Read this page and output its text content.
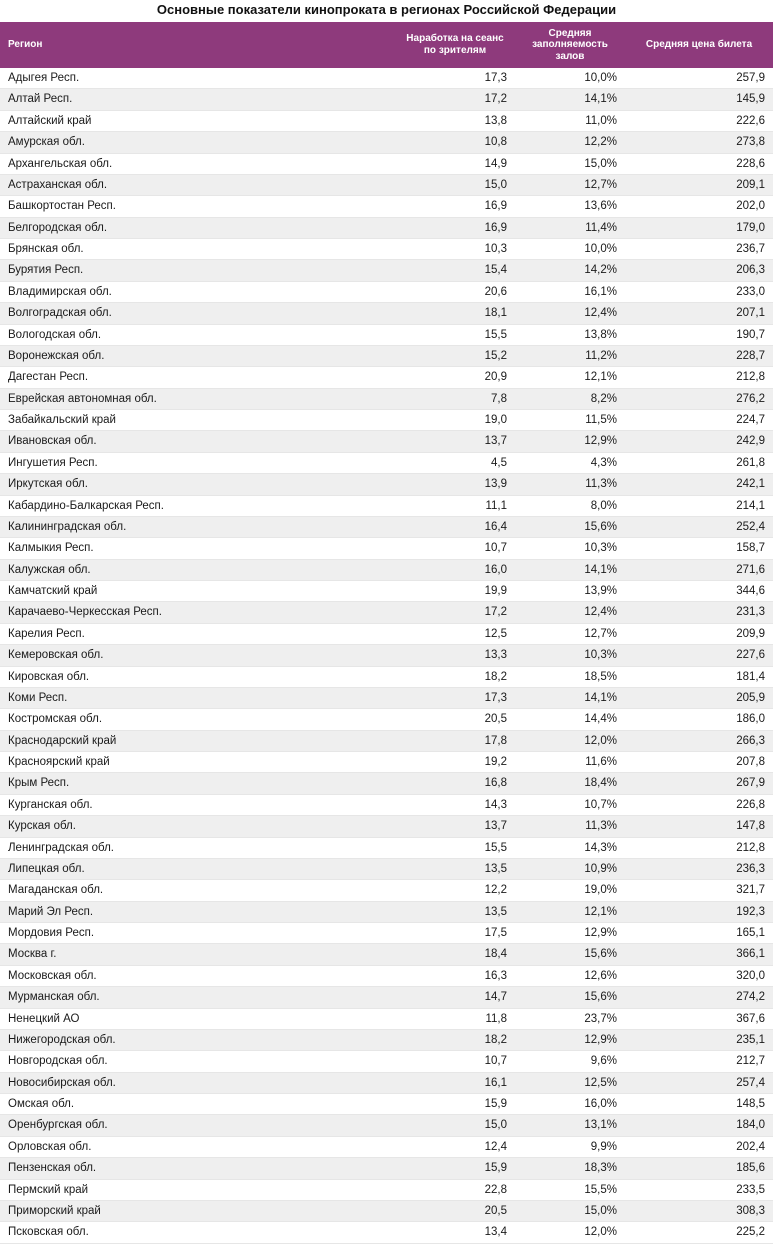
Основные показатели кинопроката в регионах Российской Федерации
Регион	Наработка на сеанс по зрителям	Средняя заполняемость залов	Средняя цена билета
Адыгея Респ.	17,3	10,0%	257,9
Алтай Респ.	17,2	14,1%	145,9
Алтайский край	13,8	11,0%	222,6
Амурская обл.	10,8	12,2%	273,8
Архангельская обл.	14,9	15,0%	228,6
Астраханская обл.	15,0	12,7%	209,1
Башкортостан Респ.	16,9	13,6%	202,0
Белгородская обл.	16,9	11,4%	179,0
Брянская обл.	10,3	10,0%	236,7
Бурятия Респ.	15,4	14,2%	206,3
Владимирская обл.	20,6	16,1%	233,0
Волгоградская обл.	18,1	12,4%	207,1
Вологодская обл.	15,5	13,8%	190,7
Воронежская обл.	15,2	11,2%	228,7
Дагестан Респ.	20,9	12,1%	212,8
Еврейская автономная обл.	7,8	8,2%	276,2
Забайкальский край	19,0	11,5%	224,7
Ивановская обл.	13,7	12,9%	242,9
Ингушетия Респ.	4,5	4,3%	261,8
Иркутская обл.	13,9	11,3%	242,1
Кабардино-Балкарская Респ.	11,1	8,0%	214,1
Калининградская обл.	16,4	15,6%	252,4
Калмыкия Респ.	10,7	10,3%	158,7
Калужская обл.	16,0	14,1%	271,6
Камчатский край	19,9	13,9%	344,6
Карачаево-Черкесская Респ.	17,2	12,4%	231,3
Карелия Респ.	12,5	12,7%	209,9
Кемеровская обл.	13,3	10,3%	227,6
Кировская обл.	18,2	18,5%	181,4
Коми Респ.	17,3	14,1%	205,9
Костромская обл.	20,5	14,4%	186,0
Краснодарский край	17,8	12,0%	266,3
Красноярский край	19,2	11,6%	207,8
Крым Респ.	16,8	18,4%	267,9
Курганская обл.	14,3	10,7%	226,8
Курская обл.	13,7	11,3%	147,8
Ленинградская обл.	15,5	14,3%	212,8
Липецкая обл.	13,5	10,9%	236,3
Магаданская обл.	12,2	19,0%	321,7
Марий Эл Респ.	13,5	12,1%	192,3
Мордовия Респ.	17,5	12,9%	165,1
Москва г.	18,4	15,6%	366,1
Московская обл.	16,3	12,6%	320,0
Мурманская обл.	14,7	15,6%	274,2
Ненецкий АО	11,8	23,7%	367,6
Нижегородская обл.	18,2	12,9%	235,1
Новгородская обл.	10,7	9,6%	212,7
Новосибирская обл.	16,1	12,5%	257,4
Омская обл.	15,9	16,0%	148,5
Оренбургская обл.	15,0	13,1%	184,0
Орловская обл.	12,4	9,9%	202,4
Пензенская обл.	15,9	18,3%	185,6
Пермский край	22,8	15,5%	233,5
Приморский край	20,5	15,0%	308,3
Псковская обл.	13,4	12,0%	225,2
